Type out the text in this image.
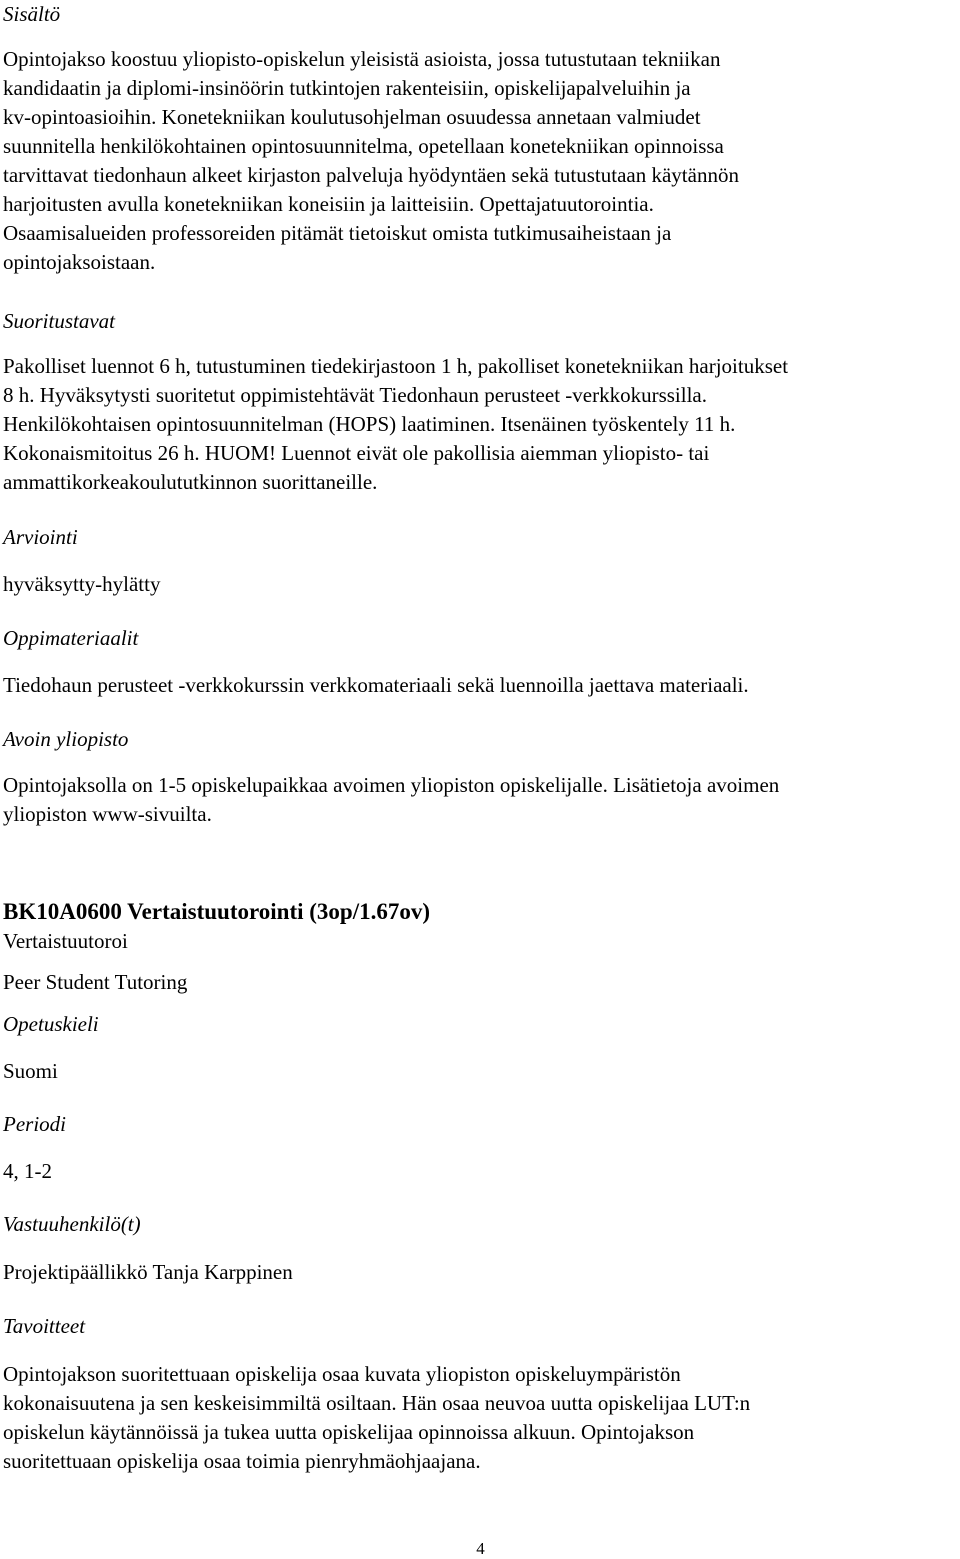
Sisältö
Opintojakso koostuu yliopisto-opiskelun yleisistä asioista, jossa tutustutaan tekniikan
kandidaatin ja diplomi-insinöörin tutkintojen rakenteisiin, opiskelijapalveluihin ja
kv-opintoasioihin. Konetekniikan koulutusohjelman osuudessa annetaan valmiudet
suunnitella henkilökohtainen opintosuunnitelma, opetellaan konetekniikan opinnoissa
tarvittavat tiedonhaun alkeet kirjaston palveluja hyödyntäen sekä tutustutaan käytännön
harjoitusten avulla konetekniikan koneisiin ja laitteisiin. Opettajatuutorointia.
Osaamisalueiden professoreiden pitämät tietoiskut omista tutkimusaiheistaan ja
opintojaksoistaan.
Suoritustavat
Pakolliset luennot 6 h, tutustuminen tiedekirjastoon 1 h, pakolliset konetekniikan harjoitukset
8 h. Hyväksytysti suoritetut oppimistehtävät Tiedonhaun perusteet -verkkokurssilla.
Henkilökohtaisen opintosuunnitelman (HOPS) laatiminen. Itsenäinen työskentely 11 h.
Kokonaismitoitus 26 h. HUOM! Luennot eivät ole pakollisia aiemman yliopisto- tai
ammattikorkeakoulututkinnon suorittaneille.
Arviointi
hyväksytty-hylätty
Oppimateriaalit
Tiedohaun perusteet -verkkokurssin verkkomateriaali sekä luennoilla jaettava materiaali.
Avoin yliopisto
Opintojaksolla on 1-5 opiskelupaikkaa avoimen yliopiston opiskelijalle. Lisätietoja avoimen
yliopiston www-sivuilta.
BK10A0600 Vertaistuutorointi (3op/1.67ov)
Vertaistuutoroi
Peer Student Tutoring
Opetuskieli
Suomi
Periodi
4, 1-2
Vastuuhenkilö(t)
Projektipäällikkö Tanja Karppinen
Tavoitteet
Opintojakson suoritettuaan opiskelija osaa kuvata yliopiston opiskeluympäristön
kokonaisuutena ja sen keskeisimmiltä osiltaan. Hän osaa neuvoa uutta opiskelijaa LUT:n
opiskelun käytännöissä ja tukea uutta opiskelijaa opinnoissa alkuun. Opintojakson
suoritettuaan opiskelija osaa toimia pienryhmäohjaajana.
4
